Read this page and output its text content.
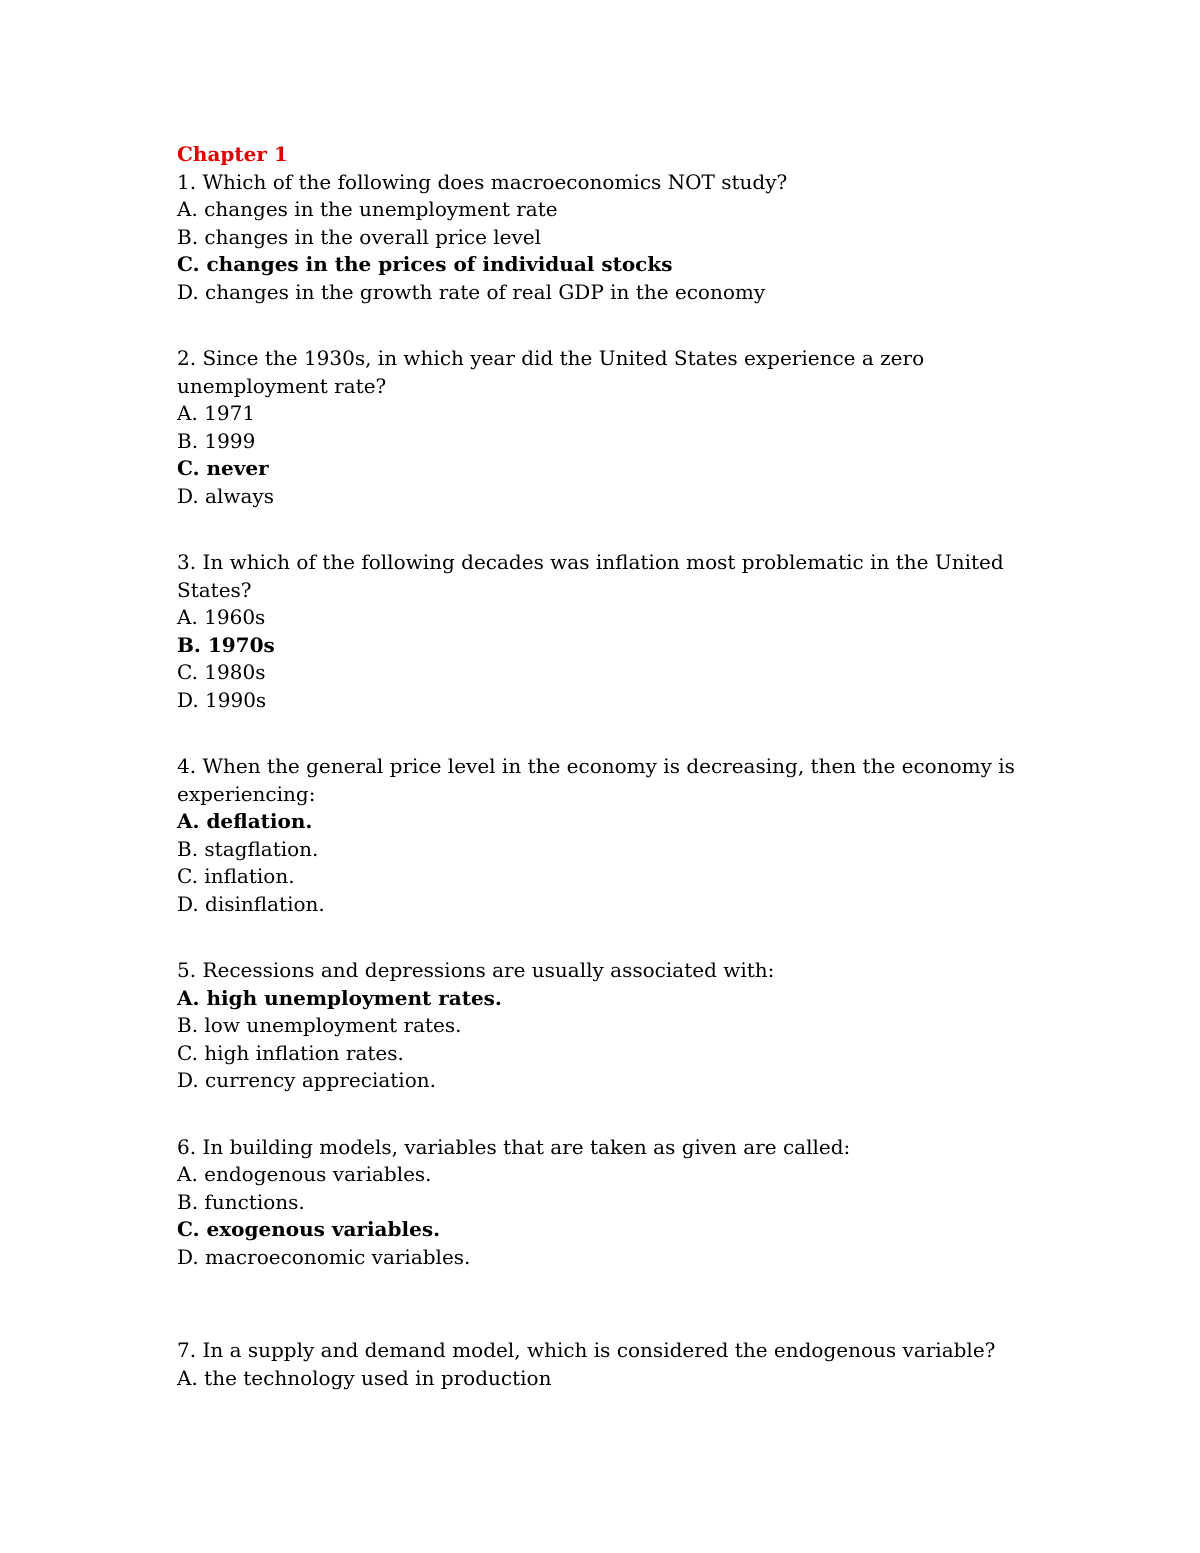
Chapter 1
1. Which of the following does macroeconomics NOT study?
A. changes in the unemployment rate
B. changes in the overall price level
C. changes in the prices of individual stocks
D. changes in the growth rate of real GDP in the economy
2. Since the 1930s, in which year did the United States experience a zero unemployment rate?
A. 1971
B. 1999
C. never
D. always
3. In which of the following decades was inflation most problematic in the United States?
A. 1960s
B. 1970s
C. 1980s
D. 1990s
4. When the general price level in the economy is decreasing, then the economy is experiencing:
A. deflation.
B. stagflation.
C. inflation.
D. disinflation.
5. Recessions and depressions are usually associated with:
A. high unemployment rates.
B. low unemployment rates.
C. high inflation rates.
D. currency appreciation.
6. In building models, variables that are taken as given are called:
A. endogenous variables.
B. functions.
C. exogenous variables.
D. macroeconomic variables.
7. In a supply and demand model, which is considered the endogenous variable?
A. the technology used in production
